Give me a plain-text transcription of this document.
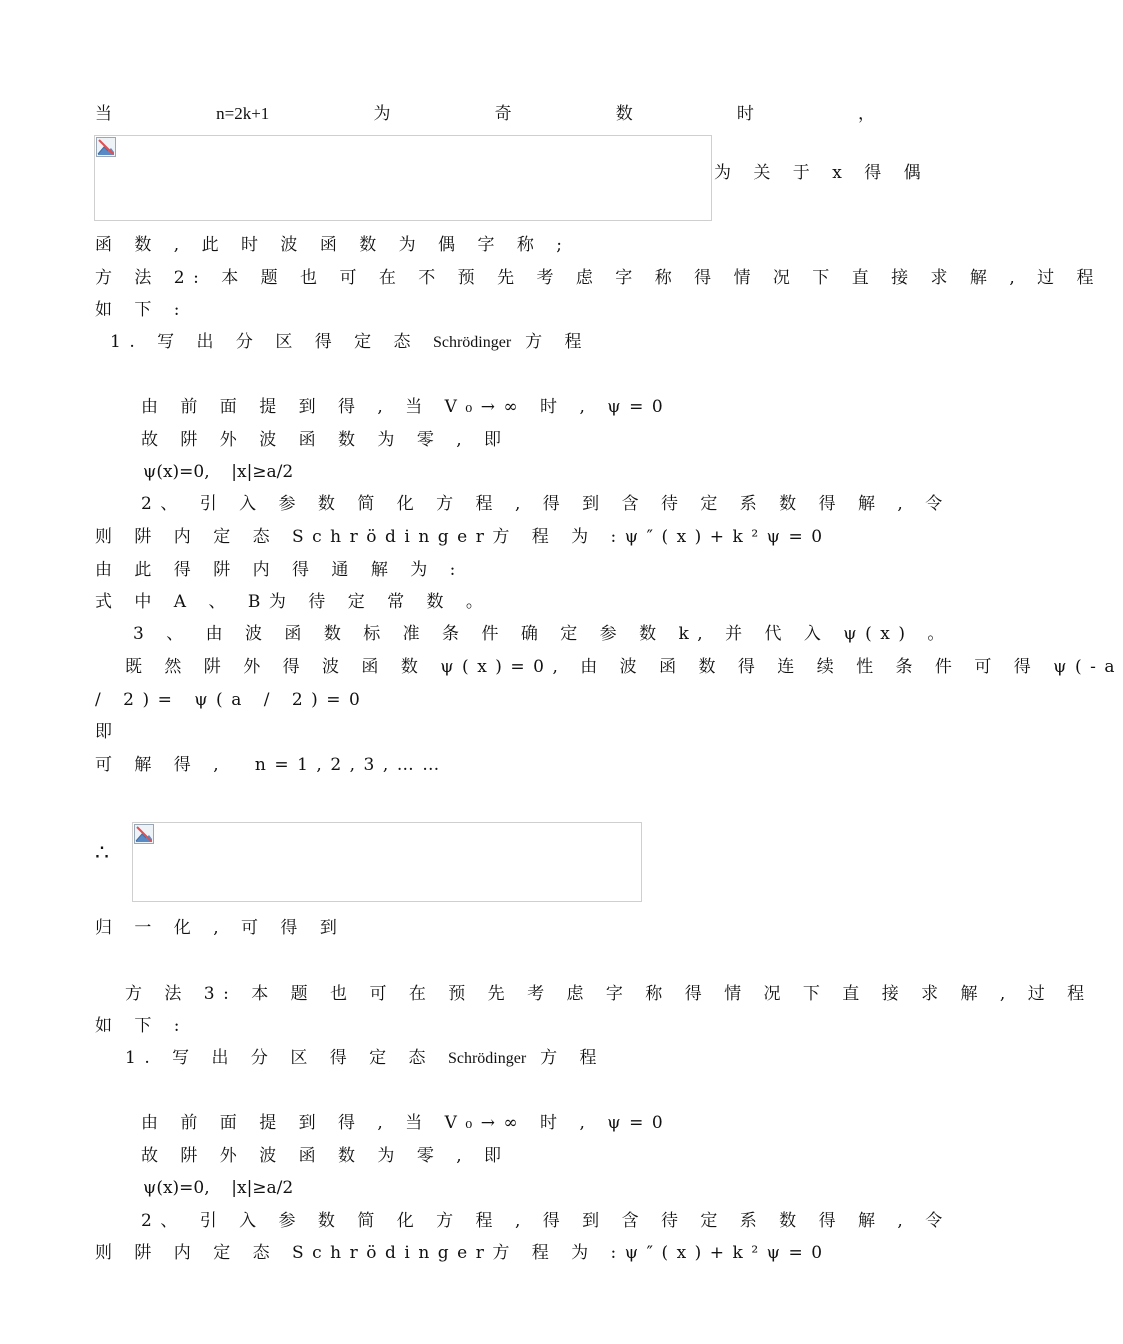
当	n=2k+1	为	奇	数	时	，
为 关 于 x 得 偶
函 数 , 此 时 波 函 数 为 偶 字 称 ;
方 法 2: 本 题 也 可 在 不 预 先 考 虑 字 称 得 情 况 下 直 接 求 解 , 过 程
如 下 :
1. 写 出 分 区 得 定 态 Schrödinger 方 程
由 前 面 提 到 得 , 当 V₀→∞ 时 , ψ=0
故 阱 外 波 函 数 为 零 , 即
ψ(x)=0,    |x|≥a/2
2、 引 入 参 数 简 化 方 程 , 得 到 含 待 定 系 数 得 解 , 令
则 阱 内 定 态 Schrödinger方 程 为 :ψ″(x)+k²ψ=0
由 此 得 阱 内 得 通 解 为 :
式 中 A 、 B为 待 定 常 数 。
3 、 由 波 函 数 标 准 条 件 确 定 参 数 k, 并 代 入 ψ(x) 。
既 然 阱 外 得 波 函 数 ψ(x)=0, 由 波 函 数 得 连 续 性 条 件 可 得 ψ(-a
/ 2)= ψ(a / 2)=0
即
可 解 得 ,  n=1,2,3,……
∴
归 一 化 , 可 得 到
方 法 3: 本 题 也 可 在 预 先 考 虑 字 称 得 情 况 下 直 接 求 解 , 过 程
如 下 :
1. 写 出 分 区 得 定 态 Schrödinger 方 程
由 前 面 提 到 得 , 当 V₀→∞ 时 , ψ=0
故 阱 外 波 函 数 为 零 , 即
ψ(x)=0,    |x|≥a/2
2、 引 入 参 数 简 化 方 程 , 得 到 含 待 定 系 数 得 解 , 令
则 阱 内 定 态 Schrödinger方 程 为 :ψ″(x)+k²ψ=0
